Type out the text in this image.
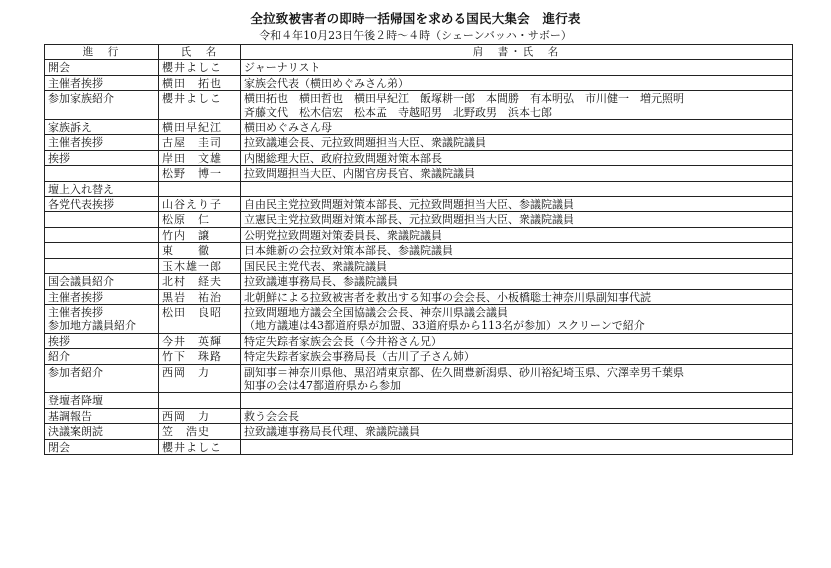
全拉致被害者の即時一括帰国を求める国民大集会　進行表
令和４年10月23日午後２時～４時（シェーンバッハ・サボー）
進　行	氏　名	肩　書・氏　名

開会	櫻井よしこ	ジャーナリスト

主催者挨拶	横田　拓也	家族会代表（横田めぐみさん弟）

参加家族紹介	櫻井よしこ	横田拓也　横田哲也　横田早紀江　飯塚耕一郎　本間勝　有本明弘　市川健一　増元照明
斉藤文代　松木信宏　松本孟　寺越昭男　北野政男　浜本七郎

家族訴え	横田早紀江	横田めぐみさん母

主催者挨拶	古屋　圭司	拉致議連会長、元拉致問題担当大臣、衆議院議員

挨拶	岸田　文雄	内閣総理大臣、政府拉致問題対策本部長

	松野　博一	拉致問題担当大臣、内閣官房長官、衆議院議員

壇上入れ替え		

各党代表挨拶	山谷えり子	自由民主党拉致問題対策本部長、元拉致問題担当大臣、参議院議員

	松原　仁	立憲民主党拉致問題対策本部長、元拉致問題担当大臣、衆議院議員

	竹内　譲	公明党拉致問題対策委員長、衆議院議員

	東　　徹	日本維新の会拉致対策本部長、参議院議員

	玉木雄一郎	国民民主党代表、衆議院議員

国会議員紹介	北村　経夫	拉致議連事務局長、参議院議員

主催者挨拶	黒岩　祐治	北朝鮮による拉致被害者を救出する知事の会会長、小板橋聡士神奈川県副知事代読

主催者挨拶
参加地方議員紹介	松田　良昭	拉致問題地方議会全国協議会会長、神奈川県議会議員
（地方議連は43都道府県が加盟、33道府県から113名が参加）スクリーンで紹介

挨拶	今井　英輝	特定失踪者家族会会長（今井裕さん兄）

紹介	竹下　珠路	特定失踪者家族会事務局長（古川了子さん姉）

参加者紹介	西岡　力	副知事＝神奈川県他、黒沼靖東京都、佐久間豊新潟県、砂川裕紀埼玉県、穴澤幸男千葉県
知事の会は47都道府県から参加

登壇者降壇		

基調報告	西岡　力	救う会会長

決議案朗読	笠　浩史	拉致議連事務局長代理、衆議院議員

閉会	櫻井よしこ	
